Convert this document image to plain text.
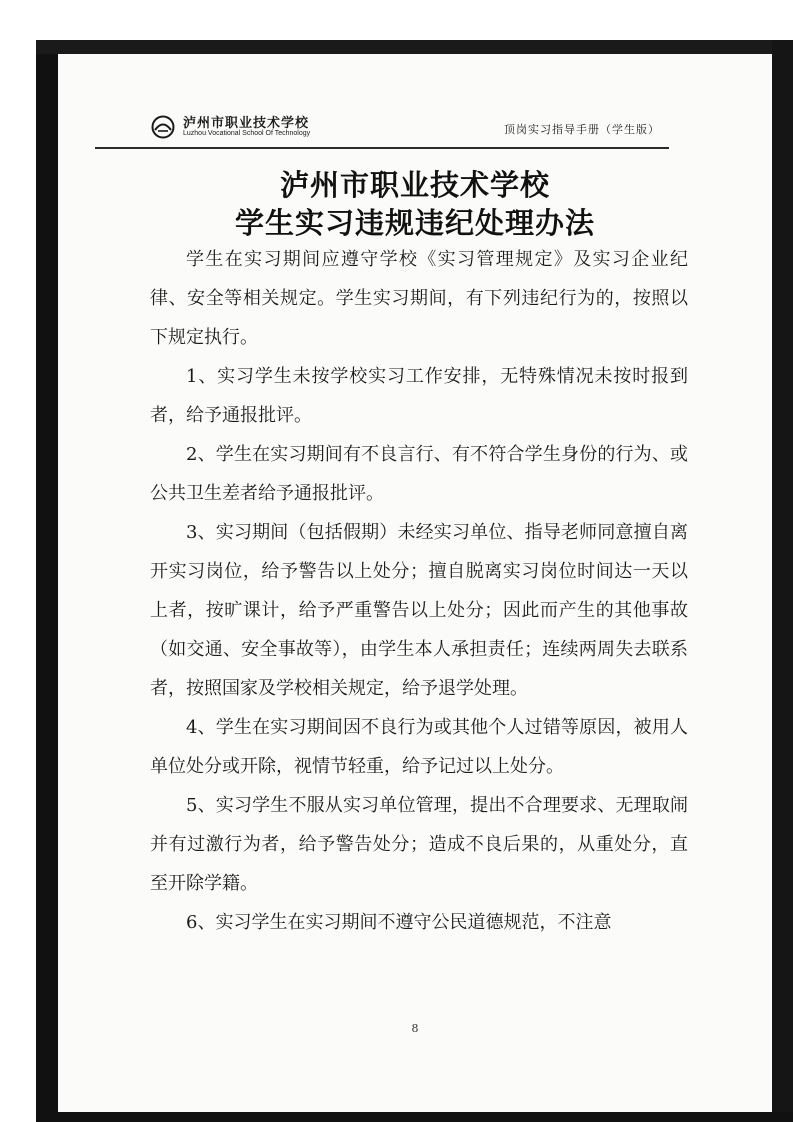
泸州市职业技术学校
Luzhou Vocational School Of Technology	顶岗实习指导手册（学生版）
泸州市职业技术学校
学生实习违规违纪处理办法

学生在实习期间应遵守学校《实习管理规定》及实习企业纪律、安全等相关规定。学生实习期间，有下列违纪行为的，按照以下规定执行。

1、实习学生未按学校实习工作安排，无特殊情况未按时报到者，给予通报批评。

2、学生在实习期间有不良言行、有不符合学生身份的行为、或公共卫生差者给予通报批评。

3、实习期间（包括假期）未经实习单位、指导老师同意擅自离开实习岗位，给予警告以上处分；擅自脱离实习岗位时间达一天以上者，按旷课计，给予严重警告以上处分；因此而产生的其他事故（如交通、安全事故等），由学生本人承担责任；连续两周失去联系者，按照国家及学校相关规定，给予退学处理。

4、学生在实习期间因不良行为或其他个人过错等原因，被用人单位处分或开除，视情节轻重，给予记过以上处分。

5、实习学生不服从实习单位管理，提出不合理要求、无理取闹并有过激行为者，给予警告处分；造成不良后果的，从重处分，直至开除学籍。

6、实习学生在实习期间不遵守公民道德规范，不注意

8
